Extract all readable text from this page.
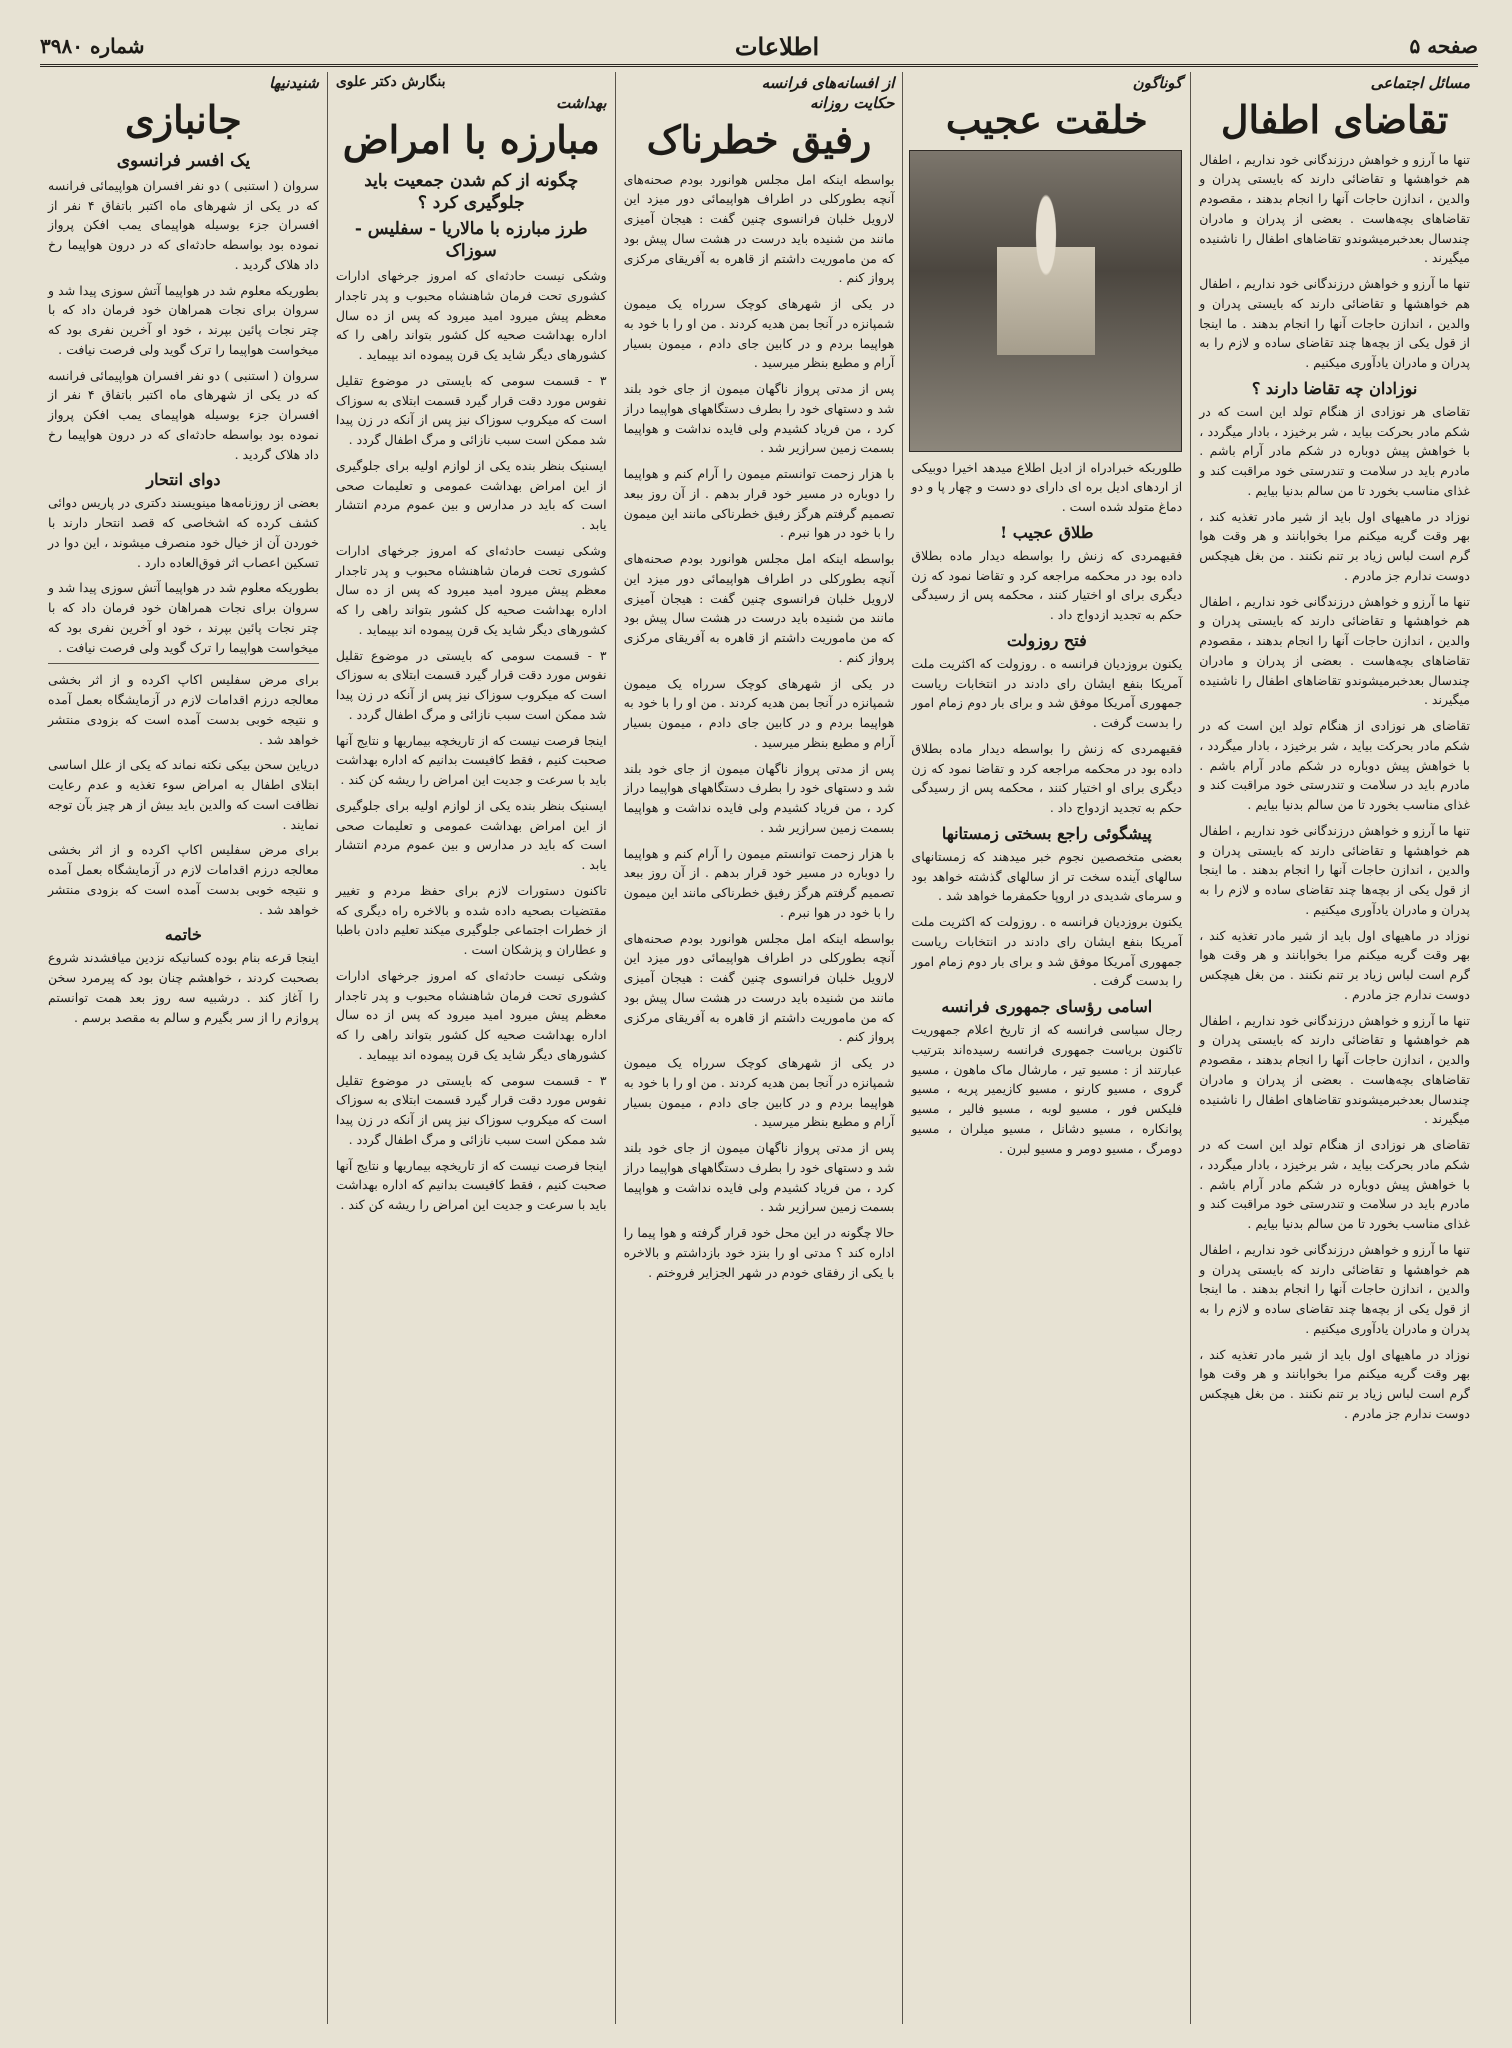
صفحه ۵
اطلاعات
شماره ۳۹۸۰
مسائل اجتماعی
تقاضای اطفال

تنها ما آرزو و خواهش درزندگانی خود نداریم ، اطفال هم خواهشها و تقاضائی دارند که بایستی پدران و والدین ، اندازن حاجات آنها را انجام بدهند ، مقصودم تقاضاهای بچه‌هاست . بعضی از پدران و مادران چندسال بعدخبرمیشوندو تقاضاهای اطفال را ناشنیده میگیرند .

تنها ما آرزو و خواهش درزندگانی خود نداریم ، اطفال هم خواهشها و تقاضائی دارند که بایستی پدران و والدین ، اندازن حاجات آنها را انجام بدهند . ما اینجا از قول یکی از بچه‌ها چند تقاضای ساده و لازم را به پدران و مادران یادآوری میکنیم .

نوزادان چه تقاضا دارند ؟

تقاضای هر نوزادی از هنگام تولد این است که در شکم مادر بحرکت بیاید ، شر برخیزد ، بادار میگردد ، با خواهش پیش دوباره در شکم مادر آرام باشم . مادرم باید در سلامت و تندرستی خود مراقبت کند و غذای مناسب بخورد تا من سالم بدنیا بیایم .

نوزاد در ماهیهای اول باید از شیر مادر تغذیه کند ، بهر وقت گریه میکنم مرا بخوابانند و هر وقت هوا گرم است لباس زیاد بر تنم نکنند . من بغل هیچکس دوست ندارم جز مادرم .

تنها ما آرزو و خواهش درزندگانی خود نداریم ، اطفال هم خواهشها و تقاضائی دارند که بایستی پدران و والدین ، اندازن حاجات آنها را انجام بدهند ، مقصودم تقاضاهای بچه‌هاست . بعضی از پدران و مادران چندسال بعدخبرمیشوندو تقاضاهای اطفال را ناشنیده میگیرند .

تقاضای هر نوزادی از هنگام تولد این است که در شکم مادر بحرکت بیاید ، شر برخیزد ، بادار میگردد ، با خواهش پیش دوباره در شکم مادر آرام باشم . مادرم باید در سلامت و تندرستی خود مراقبت کند و غذای مناسب بخورد تا من سالم بدنیا بیایم .

تنها ما آرزو و خواهش درزندگانی خود نداریم ، اطفال هم خواهشها و تقاضائی دارند که بایستی پدران و والدین ، اندازن حاجات آنها را انجام بدهند . ما اینجا از قول یکی از بچه‌ها چند تقاضای ساده و لازم را به پدران و مادران یادآوری میکنیم .

نوزاد در ماهیهای اول باید از شیر مادر تغذیه کند ، بهر وقت گریه میکنم مرا بخوابانند و هر وقت هوا گرم است لباس زیاد بر تنم نکنند . من بغل هیچکس دوست ندارم جز مادرم .

تنها ما آرزو و خواهش درزندگانی خود نداریم ، اطفال هم خواهشها و تقاضائی دارند که بایستی پدران و والدین ، اندازن حاجات آنها را انجام بدهند ، مقصودم تقاضاهای بچه‌هاست . بعضی از پدران و مادران چندسال بعدخبرمیشوندو تقاضاهای اطفال را ناشنیده میگیرند .

تقاضای هر نوزادی از هنگام تولد این است که در شکم مادر بحرکت بیاید ، شر برخیزد ، بادار میگردد ، با خواهش پیش دوباره در شکم مادر آرام باشم . مادرم باید در سلامت و تندرستی خود مراقبت کند و غذای مناسب بخورد تا من سالم بدنیا بیایم .

تنها ما آرزو و خواهش درزندگانی خود نداریم ، اطفال هم خواهشها و تقاضائی دارند که بایستی پدران و والدین ، اندازن حاجات آنها را انجام بدهند . ما اینجا از قول یکی از بچه‌ها چند تقاضای ساده و لازم را به پدران و مادران یادآوری میکنیم .

نوزاد در ماهیهای اول باید از شیر مادر تغذیه کند ، بهر وقت گریه میکنم مرا بخوابانند و هر وقت هوا گرم است لباس زیاد بر تنم نکنند . من بغل هیچکس دوست ندارم جز مادرم .

گوناگون
خلقت عجیب

طلوربکه خبرادراه از ادیل اطلاع میدهد اخیرا دوبیکی از اردهای ادیل بره ای دارای دو دست و چهار پا و دو دماغ متولد شده است .

طلاق عجیب !

فقیهمردی که زنش را بواسطه دیدار ماده بطلاق داده بود در محکمه مراجعه کرد و تقاضا نمود که زن دیگری برای او اختیار کنند ، محکمه پس از رسیدگی حکم به تجدید ازدواج داد .

فتح روزولت

یکنون بروزدیان فرانسه ه . روزولت که اکثریت ملت آمریکا بنفع ایشان رای دادند در انتخابات ریاست جمهوری آمریکا موفق شد و برای بار دوم زمام امور را بدست گرفت .

فقیهمردی که زنش را بواسطه دیدار ماده بطلاق داده بود در محکمه مراجعه کرد و تقاضا نمود که زن دیگری برای او اختیار کنند ، محکمه پس از رسیدگی حکم به تجدید ازدواج داد .

پیشگوئی راجع بسختی زمستانها

بعضی متخصصین نجوم خبر میدهند که زمستانهای سالهای آینده سخت تر از سالهای گذشته خواهد بود و سرمای شدیدی در اروپا حکمفرما خواهد شد .

یکنون بروزدیان فرانسه ه . روزولت که اکثریت ملت آمریکا بنفع ایشان رای دادند در انتخابات ریاست جمهوری آمریکا موفق شد و برای بار دوم زمام امور را بدست گرفت .

اسامی رؤسای جمهوری فرانسه

رجال سیاسی فرانسه که از تاریخ اعلام جمهوریت تاکنون بریاست جمهوری فرانسه رسیده‌اند بترتیب عبارتند از : مسیو تیر ، مارشال ماک ماهون ، مسیو گروی ، مسیو کارنو ، مسیو کازیمیر پریه ، مسیو فلیکس فور ، مسیو لوبه ، مسیو فالیر ، مسیو پوانکاره ، مسیو دشانل ، مسیو میلران ، مسیو دومرگ ، مسیو دومر و مسیو لبرن .

از افسانه‌های فرانسه
حکایت روزانه
رفیق خطرناک

بواسطه اینکه امل مجلس هوانورد بودم صحنه‌های آنچه بطورکلی در اطراف هواپیمائی دور میزد این لارویل خلبان فرانسوی چنین گفت : هیجان آمیزی مانند من شنیده باید درست در هشت سال پیش بود که من ماموریت داشتم از قاهره به آفریقای مرکزی پرواز کنم .

در یکی از شهرهای کوچک سرراه یک میمون شمپانزه در آنجا بمن هدیه کردند . من او را با خود به هواپیما بردم و در کابین جای دادم ، میمون بسیار آرام و مطیع بنظر میرسید .

پس از مدتی پرواز ناگهان میمون از جای خود بلند شد و دستهای خود را بطرف دستگاههای هواپیما دراز کرد ، من فریاد کشیدم ولی فایده نداشت و هواپیما بسمت زمین سرازیر شد .

با هزار زحمت توانستم میمون را آرام کنم و هواپیما را دوباره در مسیر خود قرار بدهم . از آن روز ببعد تصمیم گرفتم هرگز رفیق خطرناکی مانند این میمون را با خود در هوا نبرم .

بواسطه اینکه امل مجلس هوانورد بودم صحنه‌های آنچه بطورکلی در اطراف هواپیمائی دور میزد این لارویل خلبان فرانسوی چنین گفت : هیجان آمیزی مانند من شنیده باید درست در هشت سال پیش بود که من ماموریت داشتم از قاهره به آفریقای مرکزی پرواز کنم .

در یکی از شهرهای کوچک سرراه یک میمون شمپانزه در آنجا بمن هدیه کردند . من او را با خود به هواپیما بردم و در کابین جای دادم ، میمون بسیار آرام و مطیع بنظر میرسید .

پس از مدتی پرواز ناگهان میمون از جای خود بلند شد و دستهای خود را بطرف دستگاههای هواپیما دراز کرد ، من فریاد کشیدم ولی فایده نداشت و هواپیما بسمت زمین سرازیر شد .

با هزار زحمت توانستم میمون را آرام کنم و هواپیما را دوباره در مسیر خود قرار بدهم . از آن روز ببعد تصمیم گرفتم هرگز رفیق خطرناکی مانند این میمون را با خود در هوا نبرم .

بواسطه اینکه امل مجلس هوانورد بودم صحنه‌های آنچه بطورکلی در اطراف هواپیمائی دور میزد این لارویل خلبان فرانسوی چنین گفت : هیجان آمیزی مانند من شنیده باید درست در هشت سال پیش بود که من ماموریت داشتم از قاهره به آفریقای مرکزی پرواز کنم .

در یکی از شهرهای کوچک سرراه یک میمون شمپانزه در آنجا بمن هدیه کردند . من او را با خود به هواپیما بردم و در کابین جای دادم ، میمون بسیار آرام و مطیع بنظر میرسید .

پس از مدتی پرواز ناگهان میمون از جای خود بلند شد و دستهای خود را بطرف دستگاههای هواپیما دراز کرد ، من فریاد کشیدم ولی فایده نداشت و هواپیما بسمت زمین سرازیر شد .

حالا چگونه در این محل خود قرار گرفته و هوا پیما را اداره کند ؟ مدتی او را بنزد خود بازداشتم و بالاخره با یکی از رفقای خودم در شهر الجزایر فروختم .

بنگارش دکتر علوی
بهداشت
مبارزه با امراض
چگونه از کم شدن جمعیت باید جلوگیری کرد ؟
طرز مبارزه با مالاریا - سفلیس - سوزاک

وشکی نیست حادثه‌ای که امروز جرخهای ادارات کشوری تحت فرمان شاهنشاه محبوب و پدر تاجدار معظم پیش میرود امید میرود که پس از ده سال اداره بهداشت صحیه کل کشور بتواند راهی را که کشورهای دیگر شاید یک قرن پیموده اند بپیماید .

۳ - قسمت سومی که بایستی در موضوع تقلیل نفوس مورد دقت قرار گیرد قسمت ابتلای به سوزاک است که میکروب سوزاک نیز پس از آنکه در زن پیدا شد ممکن است سبب نازائی و مرگ اطفال گردد .

ایسنیک بنظر بنده یکی از لوازم اولیه برای جلوگیری از این امراض بهداشت عمومی و تعلیمات صحی است که باید در مدارس و بین عموم مردم انتشار یابد .

وشکی نیست حادثه‌ای که امروز جرخهای ادارات کشوری تحت فرمان شاهنشاه محبوب و پدر تاجدار معظم پیش میرود امید میرود که پس از ده سال اداره بهداشت صحیه کل کشور بتواند راهی را که کشورهای دیگر شاید یک قرن پیموده اند بپیماید .

۳ - قسمت سومی که بایستی در موضوع تقلیل نفوس مورد دقت قرار گیرد قسمت ابتلای به سوزاک است که میکروب سوزاک نیز پس از آنکه در زن پیدا شد ممکن است سبب نازائی و مرگ اطفال گردد .

اینجا فرصت نیست که از تاریخچه بیماریها و نتایج آنها صحبت کنیم ، فقط کافیست بدانیم که اداره بهداشت باید با سرعت و جدیت این امراض را ریشه کن کند .

ایسنیک بنظر بنده یکی از لوازم اولیه برای جلوگیری از این امراض بهداشت عمومی و تعلیمات صحی است که باید در مدارس و بین عموم مردم انتشار یابد .

تاکنون دستورات لازم برای حفظ مردم و تغییر مقتضیات بصحیه داده شده و بالاخره راه دیگری که از خطرات اجتماعی جلوگیری میکند تعلیم دادن باطبا و عطاران و پزشکان است .

وشکی نیست حادثه‌ای که امروز جرخهای ادارات کشوری تحت فرمان شاهنشاه محبوب و پدر تاجدار معظم پیش میرود امید میرود که پس از ده سال اداره بهداشت صحیه کل کشور بتواند راهی را که کشورهای دیگر شاید یک قرن پیموده اند بپیماید .

۳ - قسمت سومی که بایستی در موضوع تقلیل نفوس مورد دقت قرار گیرد قسمت ابتلای به سوزاک است که میکروب سوزاک نیز پس از آنکه در زن پیدا شد ممکن است سبب نازائی و مرگ اطفال گردد .

اینجا فرصت نیست که از تاریخچه بیماریها و نتایج آنها صحبت کنیم ، فقط کافیست بدانیم که اداره بهداشت باید با سرعت و جدیت این امراض را ریشه کن کند .

شنیدنیها
جانبازی
یک افسر فرانسوی

سروان ( استنبی ) دو نفر افسران هواپیمائی فرانسه که در یکی از شهرهای ماه اکتبر باتفاق ۴ نفر از افسران جزء بوسیله هواپیمای یمب افکن پرواز نموده بود بواسطه حادثه‌ای که در درون هواپیما رخ داد هلاک گردید .

بطوریکه معلوم شد در هواپیما آتش سوزی پیدا شد و سروان برای نجات همراهان خود فرمان داد که با چتر نجات پائین بپرند ، خود او آخرین نفری بود که میخواست هواپیما را ترک گوید ولی فرصت نیافت .

سروان ( استنبی ) دو نفر افسران هواپیمائی فرانسه که در یکی از شهرهای ماه اکتبر باتفاق ۴ نفر از افسران جزء بوسیله هواپیمای یمب افکن پرواز نموده بود بواسطه حادثه‌ای که در درون هواپیما رخ داد هلاک گردید .

دوای انتحار

بعضی از روزنامه‌ها مینویسند دکتری در پاریس دوائی کشف کرده که اشخاصی که قصد انتحار دارند با خوردن آن از خیال خود منصرف میشوند ، این دوا در تسکین اعصاب اثر فوق‌العاده دارد .

بطوریکه معلوم شد در هواپیما آتش سوزی پیدا شد و سروان برای نجات همراهان خود فرمان داد که با چتر نجات پائین بپرند ، خود او آخرین نفری بود که میخواست هواپیما را ترک گوید ولی فرصت نیافت .

برای مرض سفلیس اکاپ اکرده و از اثر بخشی معالجه درزم اقدامات لازم در آزمایشگاه بعمل آمده و نتیجه خوبی بدست آمده است که بزودی منتشر خواهد شد .

دریاین سحن بیکی نکته نماند که یکی از علل اساسی ابتلای اطفال به امراض سوء تغذیه و عدم رعایت نظافت است که والدین باید بیش از هر چیز بآن توجه نمایند .

برای مرض سفلیس اکاپ اکرده و از اثر بخشی معالجه درزم اقدامات لازم در آزمایشگاه بعمل آمده و نتیجه خوبی بدست آمده است که بزودی منتشر خواهد شد .

خاتمه

اینجا قرعه بنام بوده کسانیکه نزدین میافشدند شروع بصحبت کردند ، خواهشم چنان بود که پیرمرد سخن را آغاز کند . درشبیه سه روز بعد همت توانستم پروازم را از سر بگیرم و سالم به مقصد برسم .
